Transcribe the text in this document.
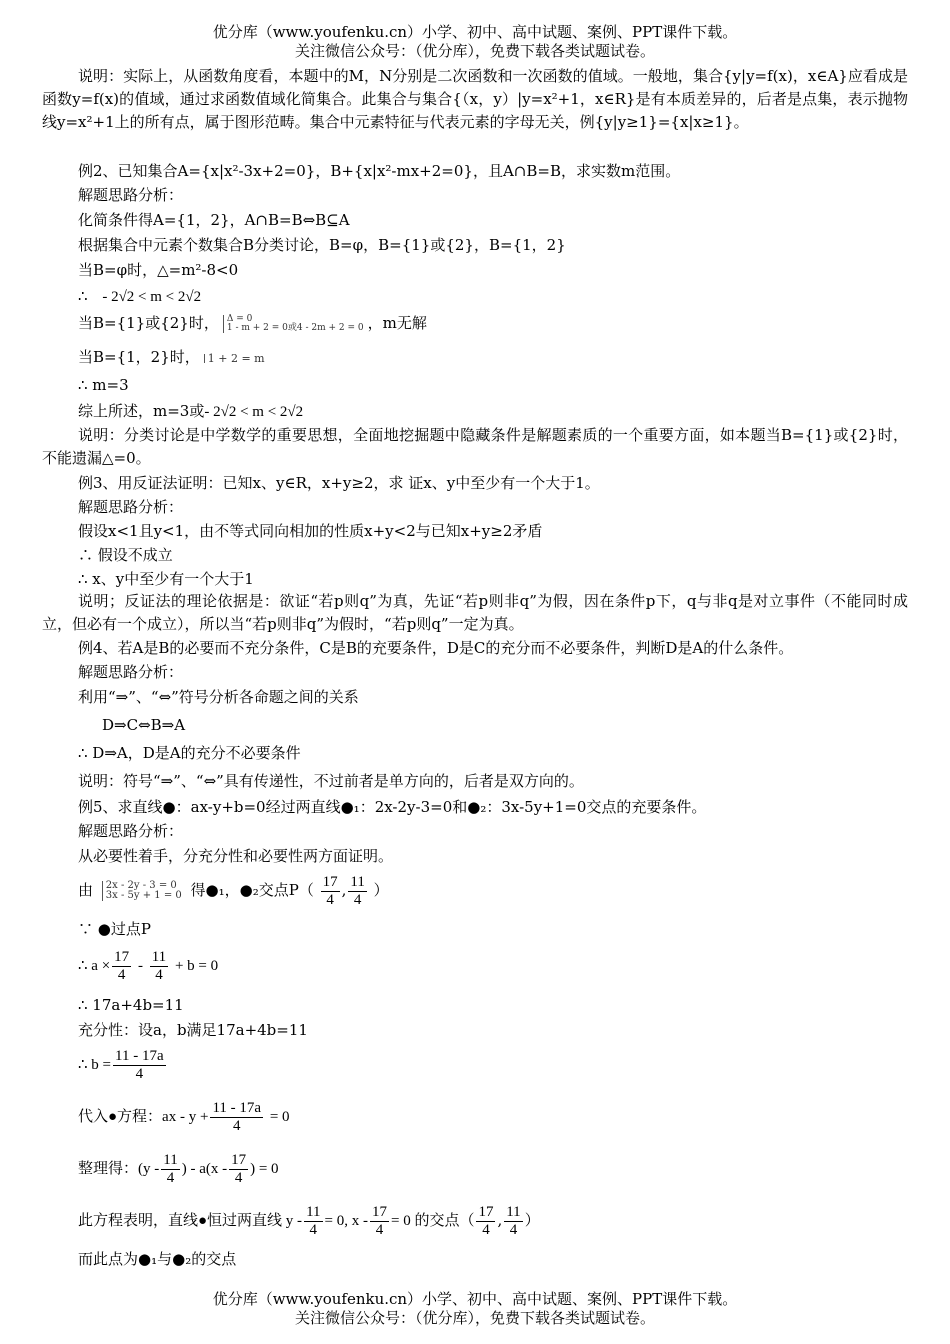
优分库（www.youfenku.cn）小学、初中、高中试题、案例、PPT课件下载。
关注微信公众号：（优分库），免费下载各类试题试卷。
说明：实际上，从函数角度看，本题中的M，N分别是二次函数和一次函数的值域。一般地，集合{y|y=f(x)，x∈A}应看成是函数y=f(x)的值域，通过求函数值域化简集合。此集合与集合{（x，y）|y=x²+1，x∈R}是有本质差异的，后者是点集，表示抛物线y=x²+1上的所有点，属于图形范畴。集合中元素特征与代表元素的字母无关，例{y|y≥1}={x|x≥1}。
例2、已知集合A={x|x²-3x+2=0}，B+{x|x²-mx+2=0}，且A∩B=B，求实数m范围。
解题思路分析：
化简条件得A={1，2}，A∩B=B⇔B⊆A
根据集合中元素个数集合B分类讨论，B=φ，B={1}或{2}，B={1，2}
当B=φ时，△=m²-8<0
∴ - 2√2 < m < 2√2
当B={1}或{2}时， Δ = 0
1 - m + 2 = 0或4 - 2m + 2 = 0 ，m无解
当B={1，2}时， 1 + 2 = m
∴ m=3
综上所述，m=3或- 2√2 < m < 2√2
说明：分类讨论是中学数学的重要思想，全面地挖掘题中隐藏条件是解题素质的一个重要方面，如本题当B={1}或{2}时，不能遗漏△=0。
例3、用反证法证明：已知x、y∈R，x+y≥2，求 证x、y中至少有一个大于1。
解题思路分析：
假设x<1且y<1，由不等式同向相加的性质x+y<2与已知x+y≥2矛盾
∴ 假设不成立
∴ x、y中至少有一个大于1
说明；反证法的理论依据是：欲证“若p则q”为真，先证“若p则非q”为假，因在条件p下，q与非q是对立事件（不能同时成立，但必有一个成立），所以当“若p则非q”为假时，“若p则q”一定为真。
例4、若A是B的必要而不充分条件，C是B的充要条件，D是C的充分而不必要条件，判断D是A的什么条件。
解题思路分析：
利用“⇒”、“⇔”符号分析各命题之间的关系
D⇒C⇔B⇒A
∴ D⇒A，D是A的充分不必要条件
说明：符号“⇒”、“⇔”具有传递性，不过前者是单方向的，后者是双方向的。
例5、求直线●：ax-y+b=0经过两直线●₁：2x-2y-3=0和●₂：3x-5y+1=0交点的充要条件。
解题思路分析：
从必要性着手，分充分性和必要性两方面证明。
由 2x - 2y - 3 = 0
3x - 5y + 1 = 0 得●₁，●₂交点$P( \frac{17}{4}$ , $\frac{11}{4}$ ）
∵ ●过点P
∴ $a \times \frac{17}{4} - \frac{11}{4} + b = 0$
∴ 17a+4b=11
充分性：设a，b满足17a+4b=11
∴ $b = \frac{11 - 17a}{4}$
代入●方程：ax - $y + \frac{11 - 17a}{4} = 0$
整理得：($y - \frac{11}{4}$ ) - $a(x - \frac{17}{4}$ ) = 0
此方程表明，直线●恒过两直线 $y - \frac{11}{4} = 0$, $x - \frac{17}{4} = 0$ 的交点（ $\frac{17}{4}$ , $\frac{11}{4}$ ）
而此点为●₁与●₂的交点
优分库（www.youfenku.cn）小学、初中、高中试题、案例、PPT课件下载。
关注微信公众号：（优分库），免费下载各类试题试卷。
